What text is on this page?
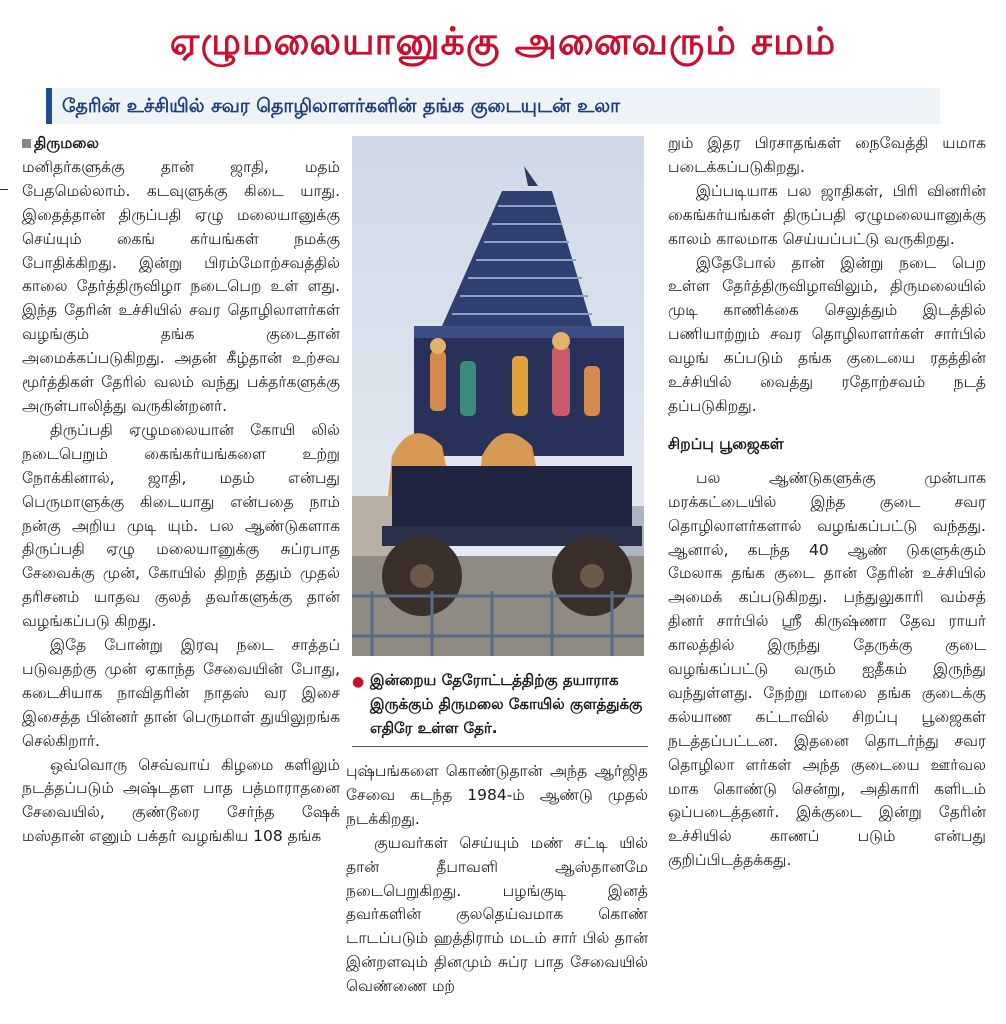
ஏழுமலையானுக்கு அனைவரும் சமம்
தேரின் உச்சியில் சவர தொழிலாளர்களின் தங்க குடையுடன் உலா
திருமலை

மனிதர்களுக்கு தான் ஜாதி, மதம் பேதமெல்லாம். கடவுளுக்கு கிடை யாது. இதைத்தான் திருப்பதி ஏழு மலையானுக்கு செய்யும் கைங் கர்யங்கள் நமக்கு போதிக்கிறது. இன்று பிரம்மோற்சவத்தில் காலை தேர்த்திருவிழா நடைபெற உள் ளது. இந்த தேரின் உச்சியில் சவர தொழிலாளர்கள் வழங்கும் தங்க குடைதான் அமைக்கப்படுகிறது. அதன் கீழ்தான் உற்சவ மூர்த்திகள் தேரில் வலம் வந்து பக்தர்களுக்கு அருள்பாலித்து வருகின்றனர்.

திருப்பதி ஏழுமலையான் கோயி லில் நடைபெறும் கைங்கர்யங்களை உற்று நோக்கினால், ஜாதி, மதம் என்பது பெருமாளுக்கு கிடையாது என்பதை நாம் நன்கு அறிய முடி யும். பல ஆண்டுகளாக திருப்பதி ஏழு மலையானுக்கு சுப்ரபாத சேவைக்கு முன், கோயில் திறந் ததும் முதல் தரிசனம் யாதவ குலத் தவர்களுக்கு தான் வழங்கப்படு கிறது.

இதே போன்று இரவு நடை சாத்தப் படுவதற்கு முன் ஏகாந்த சேவையின் போது, கடைசியாக நாவிதரின் நாதஸ் வர இசை இசைத்த பின்னர் தான் பெருமாள் துயிலுறங்க செல்கிறார்.

ஒவ்வொரு செவ்வாய் கிழமை களிலும் நடத்தப்படும் அஷ்டதள பாத பத்மாராதனை சேவையில், குண்டூரை சேர்ந்த ஷேக் மஸ்தான் எனும் பக்தர் வழங்கிய 108 தங்க

● இன்றைய தேரோட்டத்திற்கு தயாராக இருக்கும் திருமலை கோயில் குளத்துக்கு எதிரே உள்ள தேர்.

புஷ்பங்களை கொண்டுதான் அந்த ஆர்ஜித சேவை கடந்த 1984-ம் ஆண்டு முதல் நடக்கிறது.

குயவர்கள் செய்யும் மண் சட்டி யில் தான் தீபாவளி ஆஸ்தானமே நடைபெறுகிறது. பழங்குடி இனத் தவர்களின் குலதெய்வமாக கொண் டாடப்படும் ஹத்திராம் மடம் சார் பில் தான் இன்றளவும் தினமும் சுப்ர பாத சேவையில் வெண்ணை மற்

றும் இதர பிரசாதங்கள் நைவேத்தி யமாக படைக்கப்படுகிறது.

இப்படியாக பல ஜாதிகள், பிரி வினரின் கைங்கர்யங்கள் திருப்பதி ஏழுமலையானுக்கு காலம் காலமாக செய்யப்பட்டு வருகிறது.

இதேபோல் தான் இன்று நடை பெற உள்ள தேர்த்திருவிழாவிலும், திருமலையில் முடி காணிக்கை செலுத்தும் இடத்தில் பணியாற்றும் சவர தொழிலாளர்கள் சார்பில் வழங் கப்படும் தங்க குடையை ரதத்தின் உச்சியில் வைத்து ரதோற்சவம் நடத் தப்படுகிறது.

சிறப்பு பூஜைகள்

பல ஆண்டுகளுக்கு முன்பாக மரக்கட்டையில் இந்த குடை சவர தொழிலாளர்களால் வழங்கப்பட்டு வந்தது. ஆனால், கடந்த 40 ஆண் டுகளுக்கும் மேலாக தங்க குடை தான் தேரின் உச்சியில் அமைக் கப்படுகிறது. பந்துலுகாரி வம்சத் தினர் சார்பில் ஸ்ரீ கிருஷ்ணா தேவ ராயர் காலத்தில் இருந்து தேருக்கு குடை வழங்கப்பட்டு வரும் ஐதீகம் இருந்து வந்துள்ளது. நேற்று மாலை தங்க குடைக்கு கல்யாண கட்டாவில் சிறப்பு பூஜைகள் நடத்தப்பட்டன. இதனை தொடர்ந்து சவர தொழிலா ளர்கள் அந்த குடையை ஊர்வல மாக கொண்டு சென்று, அதிகாரி களிடம் ஒப்படைத்தனர். இக்குடை இன்று தேரின் உச்சியில் காணப் படும் என்பது குறிப்பிடத்தக்கது.
